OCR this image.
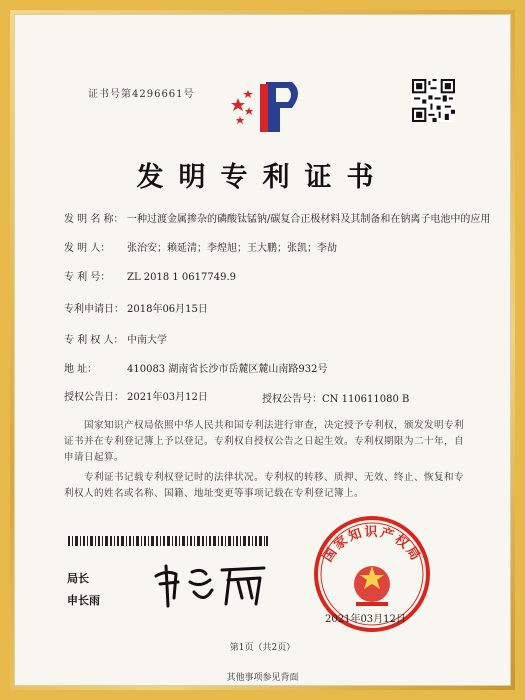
证书号第4296661号
发明专利证书
发 明 名 称： 一种过渡金属掺杂的磷酸钛锰钠/碳复合正极材料及其制备和在钠离子电池中的应用
发 明 人： 张治安；赖延清；李煌旭；王大鹏；张凯；李劼
专 利 号： ZL 2018 1 0617749.9
专利申请日： 2018年06月15日
专 利 权 人： 中南大学
地 址：	410083 湖南省长沙市岳麓区麓山南路932号
授权公告日： 2021年03月12日	授权公告号：CN 110611080 B
国家知识产权局依照中华人民共和国专利法进行审查，决定授予专利权，颁发发明专利证书并在专利登记簿上予以登记。专利权自授权公告之日起生效。专利权期限为二十年，自申请日起算。
专利证书记载专利权登记时的法律状况。专利权的转移、质押、无效、终止、恢复和专利权人的姓名或名称、国籍、地址变更等事项记载在专利登记簿上。
局长
申长雨
国家知识产权局
2021年03月12日
第1页（共2页）
其他事项参见背面
